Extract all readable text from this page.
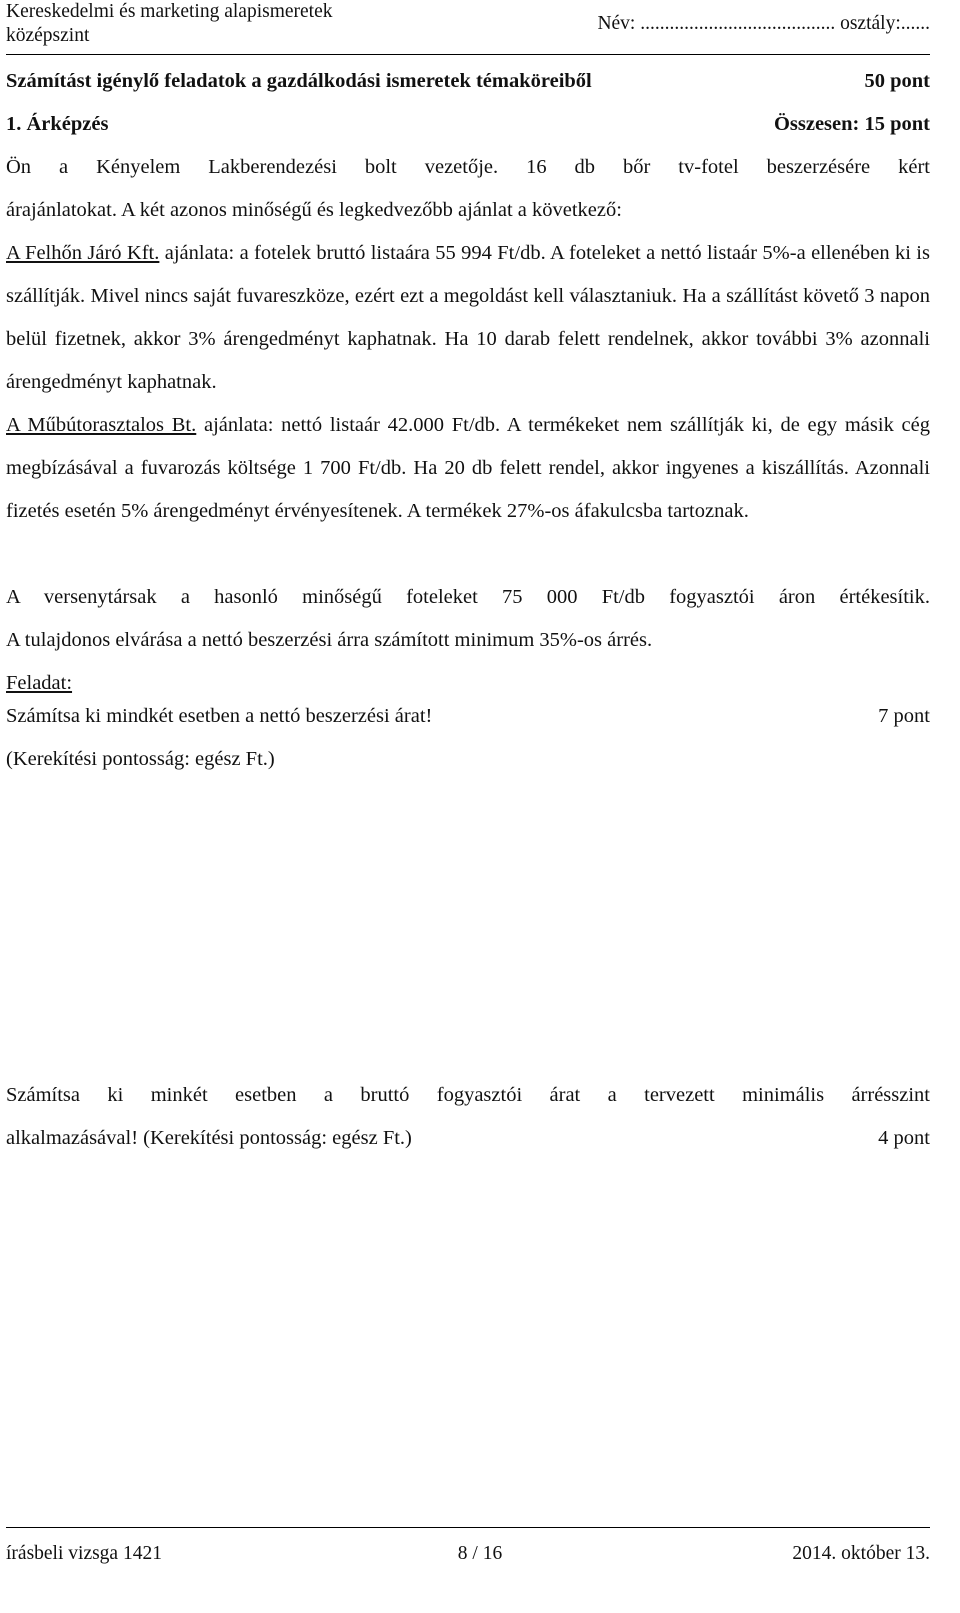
Kereskedelmi és marketing alapismeretek
középszint
Név: ........................................ osztály:......
Számítást igénylő feladatok a gazdálkodási ismeretek témaköreiből	50 pont
1. Árképzés	Összesen: 15 pont
Ön a Kényelem Lakberendezési bolt vezetője. 16 db bőr tv-fotel beszerzésére kért
árajánlatokat. A két azonos minőségű és legkedvezőbb ajánlat a következő:
A Felhőn Járó Kft. ajánlata: a fotelek bruttó listaára 55 994 Ft/db. A foteleket a nettó listaár 5%-a ellenében ki is szállítják. Mivel nincs saját fuvareszköze, ezért ezt a megoldást kell választaniuk. Ha a szállítást követő 3 napon belül fizetnek, akkor 3% árengedményt kaphatnak. Ha 10 darab felett rendelnek, akkor további 3% azonnali árengedményt kaphatnak.
A Műbútorasztalos Bt. ajánlata: nettó listaár 42.000 Ft/db. A termékeket nem szállítják ki, de egy másik cég megbízásával a fuvarozás költsége 1 700 Ft/db. Ha 20 db felett rendel, akkor ingyenes a kiszállítás. Azonnali fizetés esetén 5% árengedményt érvényesítenek. A termékek 27%-os áfakulcsba tartoznak.
A versenytársak a hasonló minőségű foteleket 75 000 Ft/db fogyasztói áron értékesítik.
A tulajdonos elvárása a nettó beszerzési árra számított minimum 35%-os árrés.
Feladat:
Számítsa ki mindkét esetben a nettó beszerzési árat!	7 pont
(Kerekítési pontosság: egész Ft.)
Számítsa ki minkét esetben a bruttó fogyasztói árat a tervezett minimális árrésszint
alkalmazásával! (Kerekítési pontosság: egész Ft.)	4 pont
írásbeli vizsga 1421	8 / 16	2014. október 13.
